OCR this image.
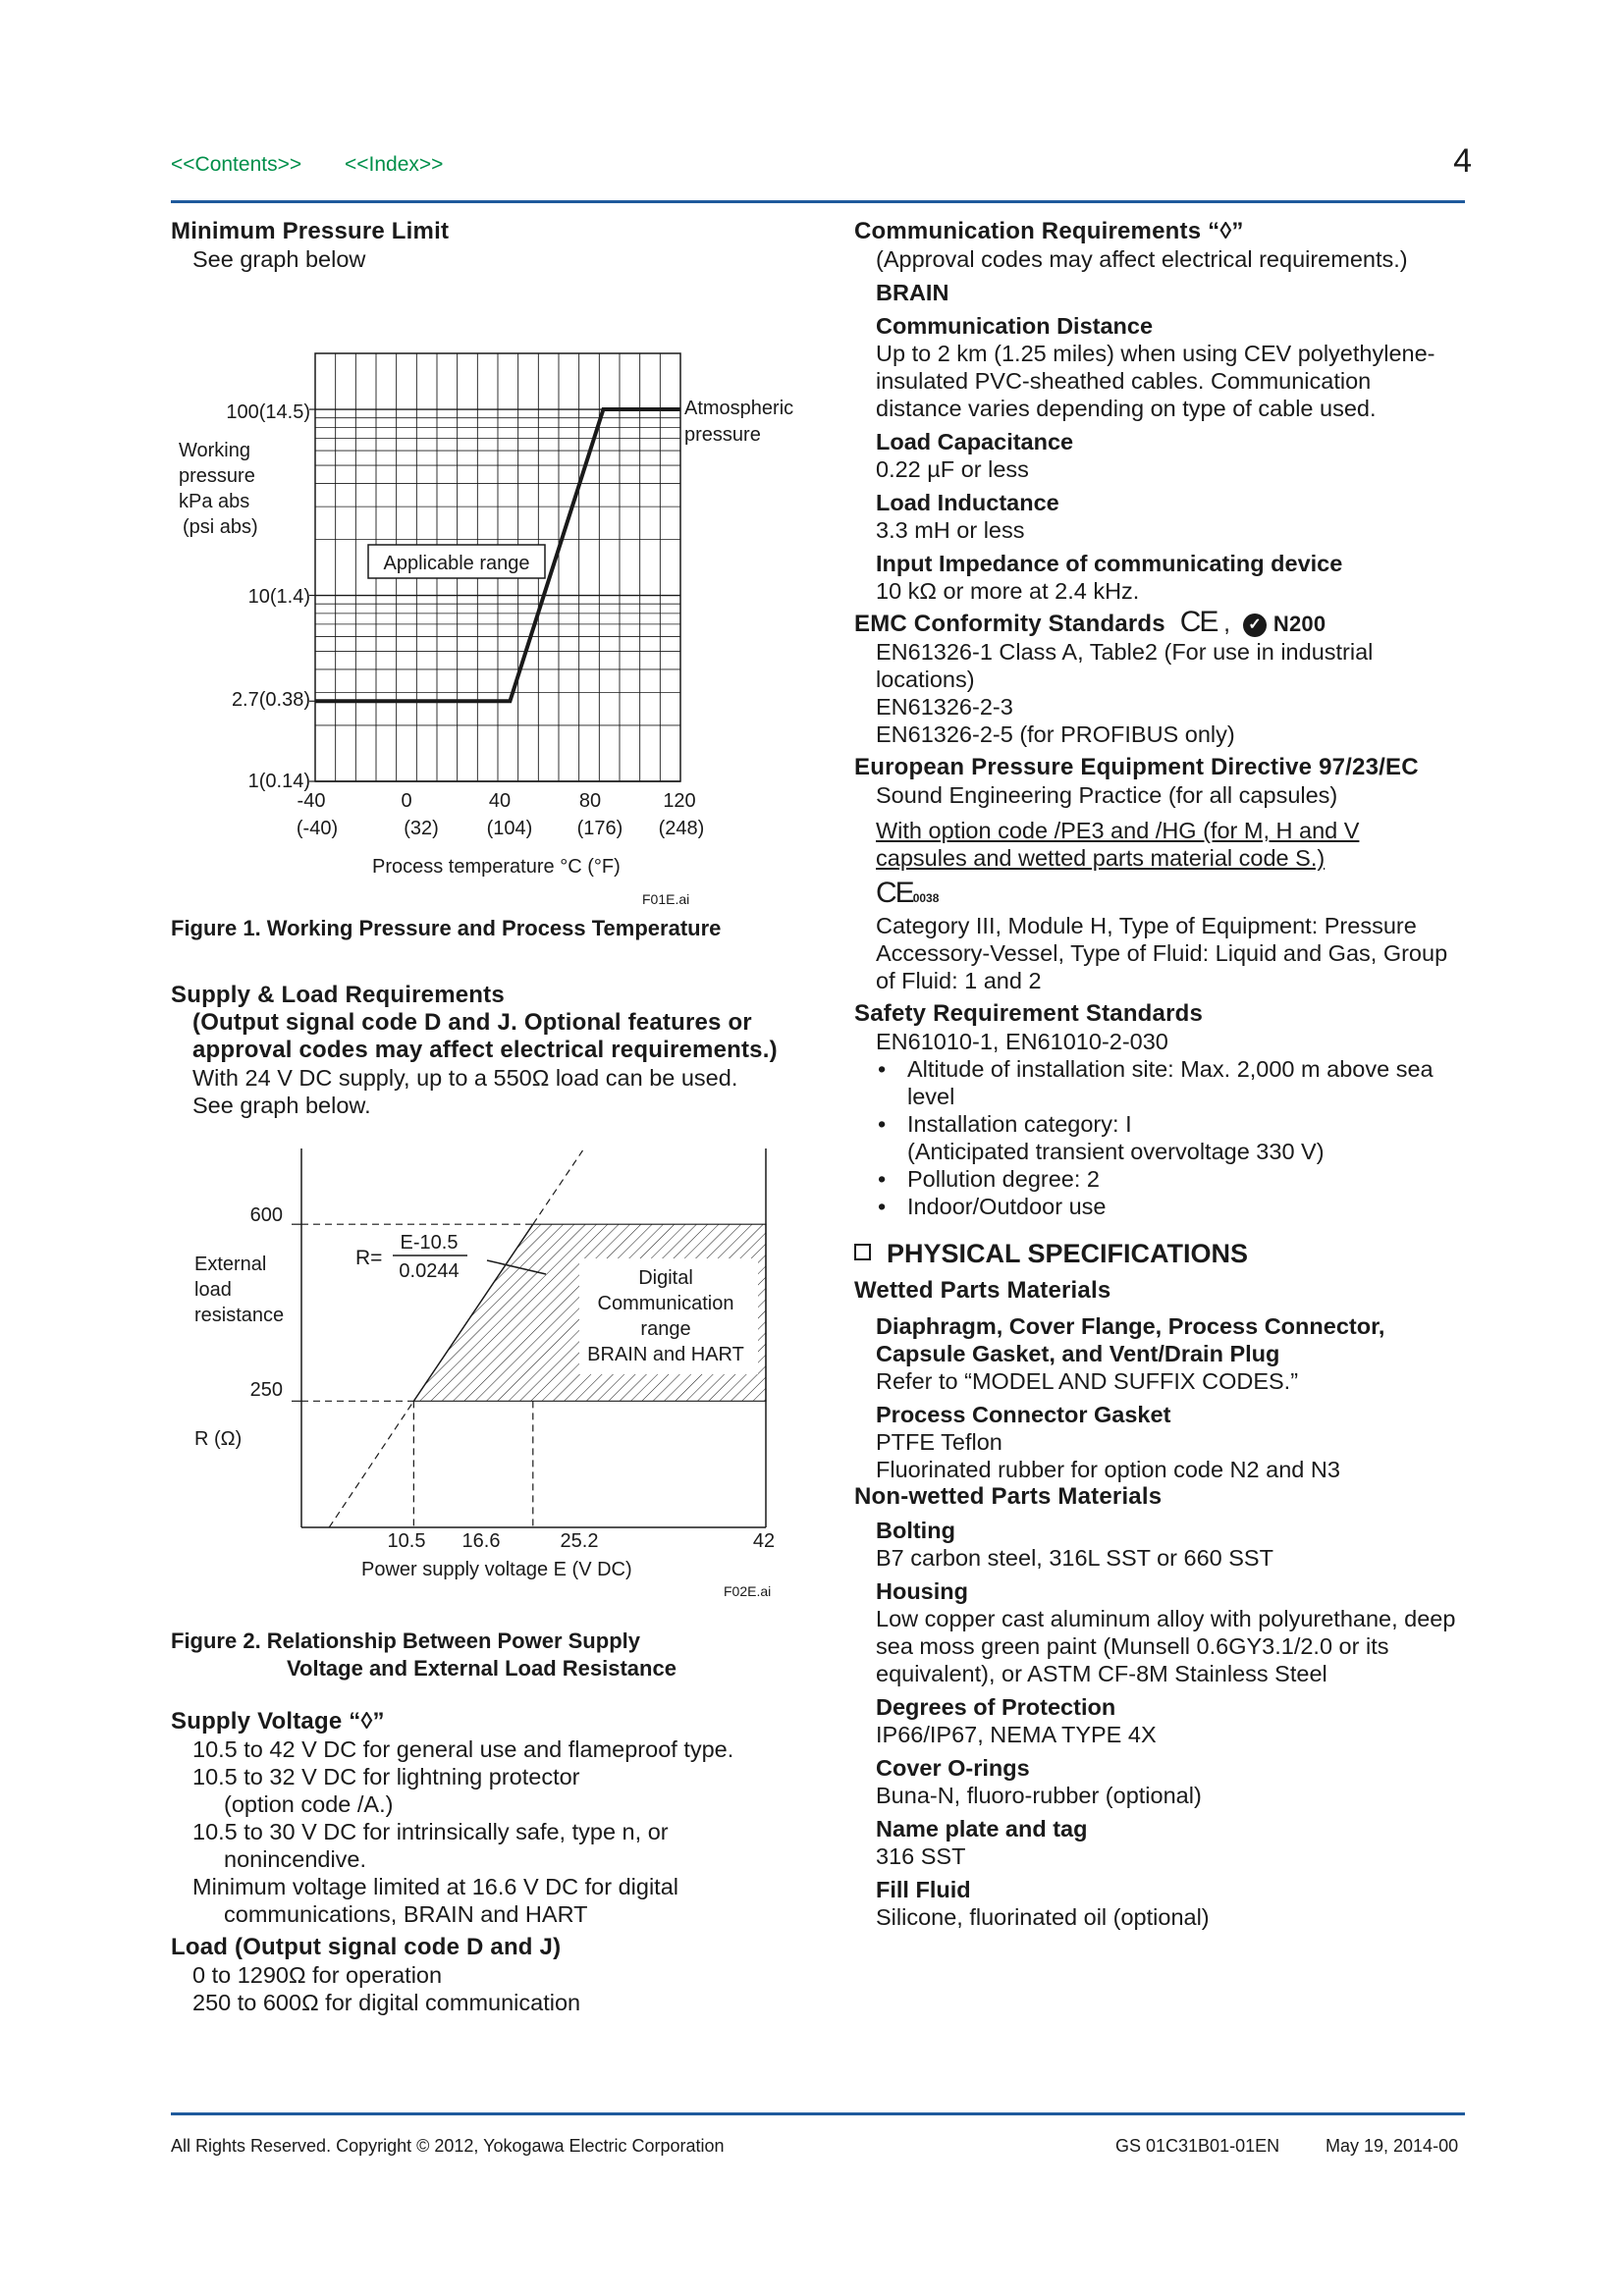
<<Contents>> <<Index>>	4
Minimum Pressure Limit
See graph below
Working
pressure
kPa abs
(psi abs)
Applicable range
Atmospheric
pressure
100(14.5)
10(1.4)
2.7(0.38)
1(0.14)
-40	0	40	80	120
(-40)	(32) (104) (176) (248)
Process temperature °C (°F)
F01E.ai
Figure 1. Working Pressure and Process Temperature
Supply & Load Requirements
(Output signal code D and J. Optional features or approval codes may affect electrical requirements.)
With 24 V DC supply, up to a 550Ω load can be used. See graph below.
R=
E-10.5
0.0244	Digital
Communication
range
BRAIN and HART
External
load
resistance
R (Ω)
600
250
10.5 16.6	25.2	42
Power supply voltage E (V DC)
F02E.ai
Figure 2. Relationship Between Power Supply
Voltage and External Load Resistance
Supply Voltage “◊”
10.5 to 42 V DC for general use and flameproof type.
10.5 to 32 V DC for lightning protector (option code /A.)
10.5 to 30 V DC for intrinsically safe, type n, or nonincendive.
Minimum voltage limited at 16.6 V DC for digital communications, BRAIN and HART
Load (Output signal code D and J)
0 to 1290Ω for operation
250 to 600Ω for digital communication
Communication Requirements “◊”
(Approval codes may affect electrical requirements.)
BRAIN
Communication Distance
Up to 2 km (1.25 miles) when using CEV polyethylene-insulated PVC-sheathed cables. Communication distance varies depending on type of cable used.
Load Capacitance
0.22 µF or less
Load Inductance
3.3 mH or less
Input Impedance of communicating device
10 kΩ or more at 2.4 kHz.
EMC Conformity Standards CE , ✓ N200
EN61326-1 Class A, Table2 (For use in industrial locations)
EN61326-2-3
EN61326-2-5 (for PROFIBUS only)
European Pressure Equipment Directive 97/23/EC
Sound Engineering Practice (for all capsules)
With option code /PE3 and /HG (for M, H and V capsules and wetted parts material code S.)
CE0038
Category III, Module H, Type of Equipment: Pressure Accessory-Vessel, Type of Fluid: Liquid and Gas, Group of Fluid: 1 and 2
Safety Requirement Standards
EN61010-1, EN61010-2-030
• Altitude of installation site: Max. 2,000 m above sea level
• Installation category: I
(Anticipated transient overvoltage 330 V)
• Pollution degree: 2
• Indoor/Outdoor use
PHYSICAL SPECIFICATIONS
Wetted Parts Materials
Diaphragm, Cover Flange, Process Connector, Capsule Gasket, and Vent/Drain Plug
Refer to “MODEL AND SUFFIX CODES.”
Process Connector Gasket
PTFE Teflon
Fluorinated rubber for option code N2 and N3
Non-wetted Parts Materials
Bolting
B7 carbon steel, 316L SST or 660 SST
Housing
Low copper cast aluminum alloy with polyurethane, deep sea moss green paint (Munsell 0.6GY3.1/2.0 or its equivalent), or ASTM CF-8M Stainless Steel
Degrees of Protection
IP66/IP67, NEMA TYPE 4X
Cover O-rings
Buna-N, fluoro-rubber (optional)
Name plate and tag
316 SST
Fill Fluid
Silicone, fluorinated oil (optional)
All Rights Reserved. Copyright © 2012, Yokogawa Electric Corporation	GS 01C31B01-01EN	May 19, 2014-00
